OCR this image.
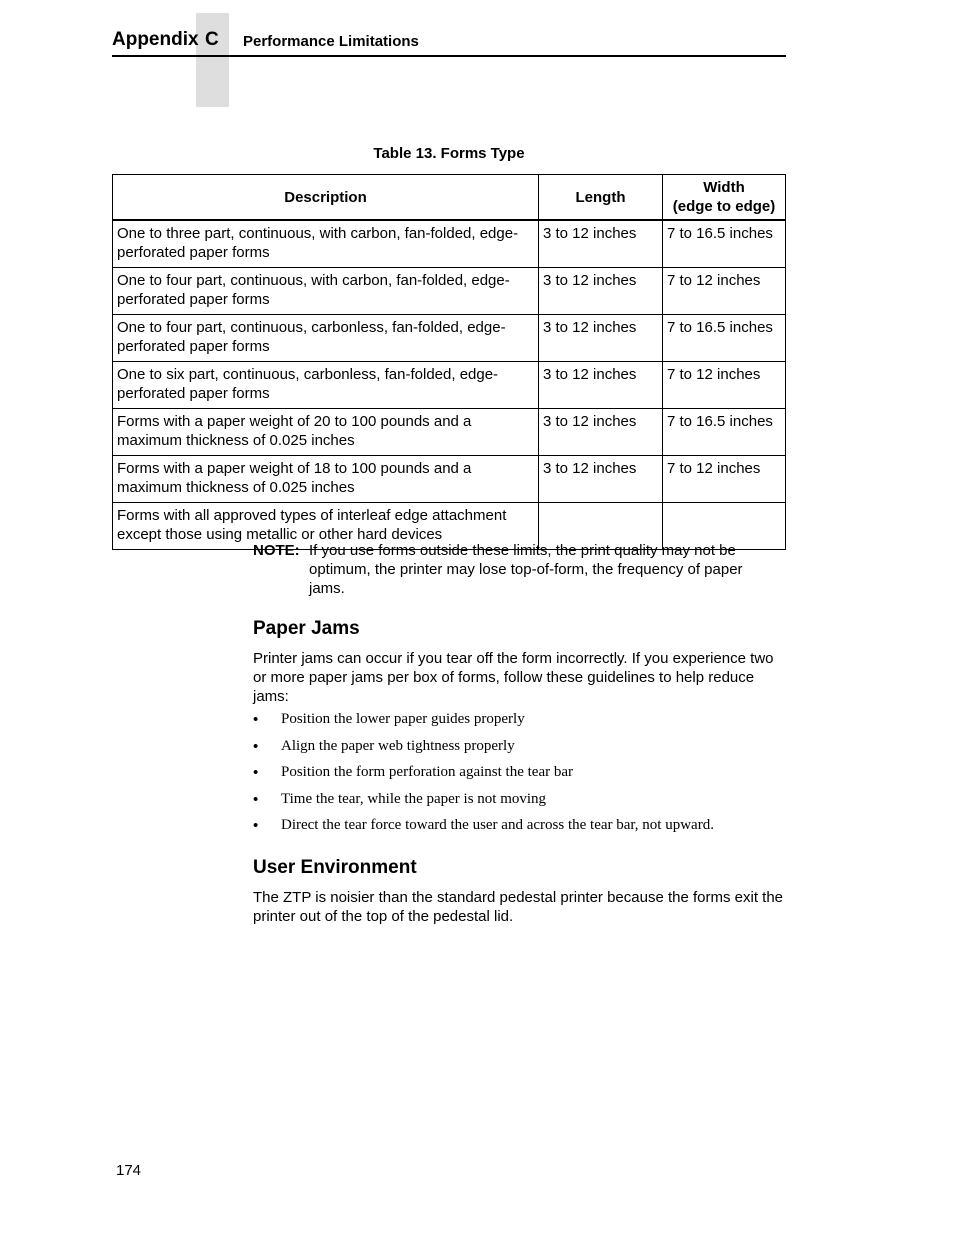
Appendix C Performance Limitations
Table 13. Forms Type
Description	Length	Width
(edge to edge)

One to three part, continuous, with carbon, fan-folded, edge-perforated paper forms	3 to 12 inches	7 to 16.5 inches
One to four part, continuous, with carbon, fan-folded, edge-perforated paper forms	3 to 12 inches	7 to 12 inches
One to four part, continuous, carbonless, fan-folded, edge-perforated paper forms	3 to 12 inches	7 to 16.5 inches
One to six part, continuous, carbonless, fan-folded, edge-perforated paper forms	3 to 12 inches	7 to 12 inches
Forms with a paper weight of 20 to 100 pounds and a maximum thickness of 0.025 inches	3 to 12 inches	7 to 16.5 inches
Forms with a paper weight of 18 to 100 pounds and a maximum thickness of 0.025 inches	3 to 12 inches	7 to 12 inches
Forms with all approved types of interleaf edge attachment except those using metallic or other hard devices		
NOTE: If you use forms outside these limits, the print quality may not be optimum, the printer may lose top-of-form, the frequency of paper jams.
Paper Jams

Printer jams can occur if you tear off the form incorrectly. If you experience two or more paper jams per box of forms, follow these guidelines to help reduce jams:

• Position the lower paper guides properly
• Align the paper web tightness properly
• Position the form perforation against the tear bar
• Time the tear, while the paper is not moving
• Direct the tear force toward the user and across the tear bar, not upward.
User Environment

The ZTP is noisier than the standard pedestal printer because the forms exit the printer out of the top of the pedestal lid.

174
